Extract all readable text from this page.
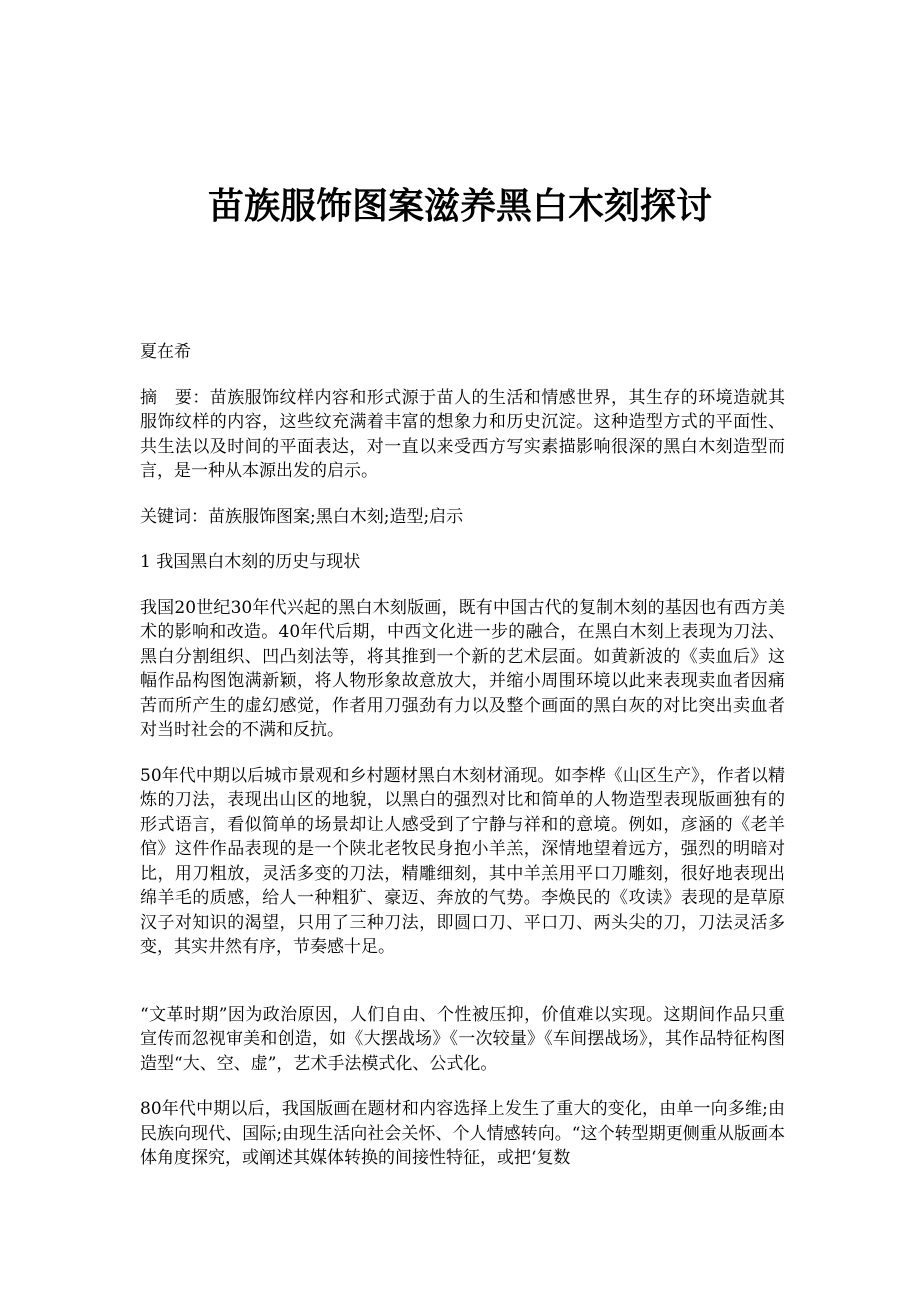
苗族服饰图案滋养黑白木刻探讨

夏在希

摘　要：苗族服饰纹样内容和形式源于苗人的生活和情感世界，其生存的环境造就其服饰纹样的内容，这些纹充满着丰富的想象力和历史沉淀。这种造型方式的平面性、共生法以及时间的平面表达，对一直以来受西方写实素描影响很深的黑白木刻造型而言，是一种从本源出发的启示。

关键词：苗族服饰图案;黑白木刻;造型;启示

1 我国黑白木刻的历史与现状

我国20世纪30年代兴起的黑白木刻版画，既有中国古代的复制木刻的基因也有西方美术的影响和改造。40年代后期，中西文化进一步的融合，在黑白木刻上表现为刀法、黑白分割组织、凹凸刻法等，将其推到一个新的艺术层面。如黄新波的《卖血后》这幅作品构图饱满新颖，将人物形象故意放大，并缩小周围环境以此来表现卖血者因痛苦而所产生的虚幻感觉，作者用刀强劲有力以及整个画面的黑白灰的对比突出卖血者对当时社会的不满和反抗。

50年代中期以后城市景观和乡村题材黑白木刻材涌现。如李桦《山区生产》，作者以精炼的刀法，表现出山区的地貌，以黑白的强烈对比和简单的人物造型表现版画独有的形式语言，看似简单的场景却让人感受到了宁静与祥和的意境。例如，彦涵的《老羊倌》这件作品表现的是一个陕北老牧民身抱小羊羔，深情地望着远方，强烈的明暗对比，用刀粗放，灵活多变的刀法，精雕细刻，其中羊羔用平口刀雕刻，很好地表现出绵羊毛的质感，给人一种粗犷、豪迈、奔放的气势。李焕民的《攻读》表现的是草原汉子对知识的渴望，只用了三种刀法，即圆口刀、平口刀、两头尖的刀，刀法灵活多变，其实井然有序，节奏感十足。

“文革时期”因为政治原因，人们自由、个性被压抑，价值难以实现。这期间作品只重宣传而忽视审美和创造，如《大摆战场》《一次较量》《车间摆战场》，其作品特征构图造型“大、空、虚”，艺术手法模式化、公式化。

80年代中期以后，我国版画在题材和内容选择上发生了重大的变化，由单一向多维;由民族向现代、国际;由现生活向社会关怀、个人情感转向。“这个转型期更侧重从版画本体角度探究，或阐述其媒体转换的间接性特征，或把‘复数
